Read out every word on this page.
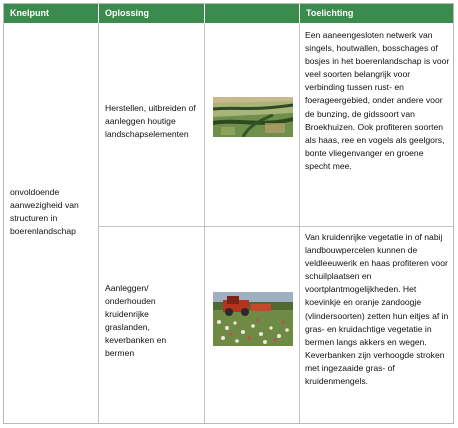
Knelpunt	Oplossing	Toelichting
onvoldoende aanwezigheid van structuren in boerenlandschap
Herstellen, uitbreiden of aanleggen houtige landschapselementen
Een aaneengesloten netwerk van singels, houtwallen, bosschages of bosjes in het boerenlandschap is voor veel soorten belangrijk voor verbinding tussen rust- en foerageergebied, onder andere voor de bunzing, de gidssoort van Broekhuizen. Ook profiteren soorten als haas, ree en vogels als geelgors, bonte vliegenvanger en groene specht mee.
Aanleggen/ onderhouden kruidenrijke graslanden, keverbanken en bermen
Van kruidenrijke vegetatie in of nabij landbouwpercelen kunnen de veldleeuwerik en haas profiteren voor schuilplaatsen en voortplantmogelijkheden. Het koevinkje en oranje zandoogje (vlindersoorten) zetten hun eitjes af in gras- en kruidachtige vegetatie in bermen langs akkers en wegen. Keverbanken zijn verhoogde stroken met ingezaaide gras- of kruidenmengels.
